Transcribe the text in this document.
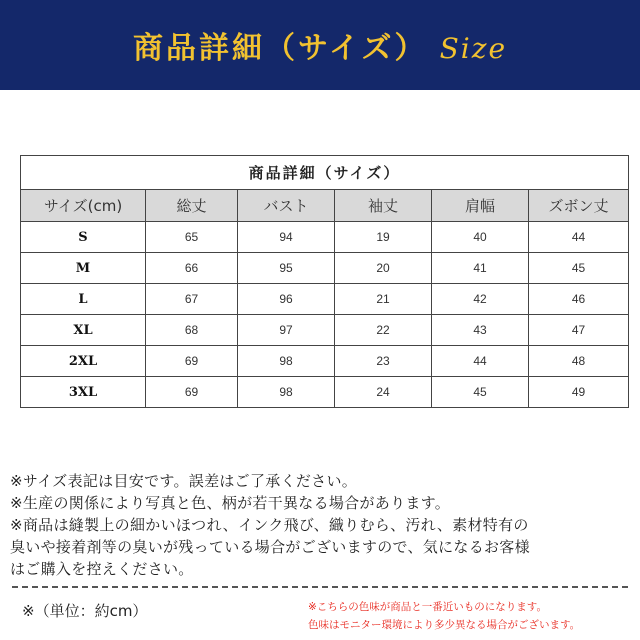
商品詳細（サイズ） Size
商品詳細（サイズ）					
サイズ(cm)	総丈	バスト	袖丈	肩幅	ズボン丈
S	65	94	19	40	44
M	66	95	20	41	45
L	67	96	21	42	46
XL	68	97	22	43	47
2XL	69	98	23	44	48
3XL	69	98	24	45	49

※サイズ表記は目安です。誤差はご了承ください。

※生産の関係により写真と色、柄が若干異なる場合があります。

※商品は縫製上の細かいほつれ、インク飛び、織りむら、汚れ、素材特有の

臭いや接着剤等の臭いが残っている場合がございますので、気になるお客様

はご購入を控えください。

※（単位：約cm）	※こちらの色味が商品と一番近いものになります。
色味はモニター環境により多少異なる場合がございます。
